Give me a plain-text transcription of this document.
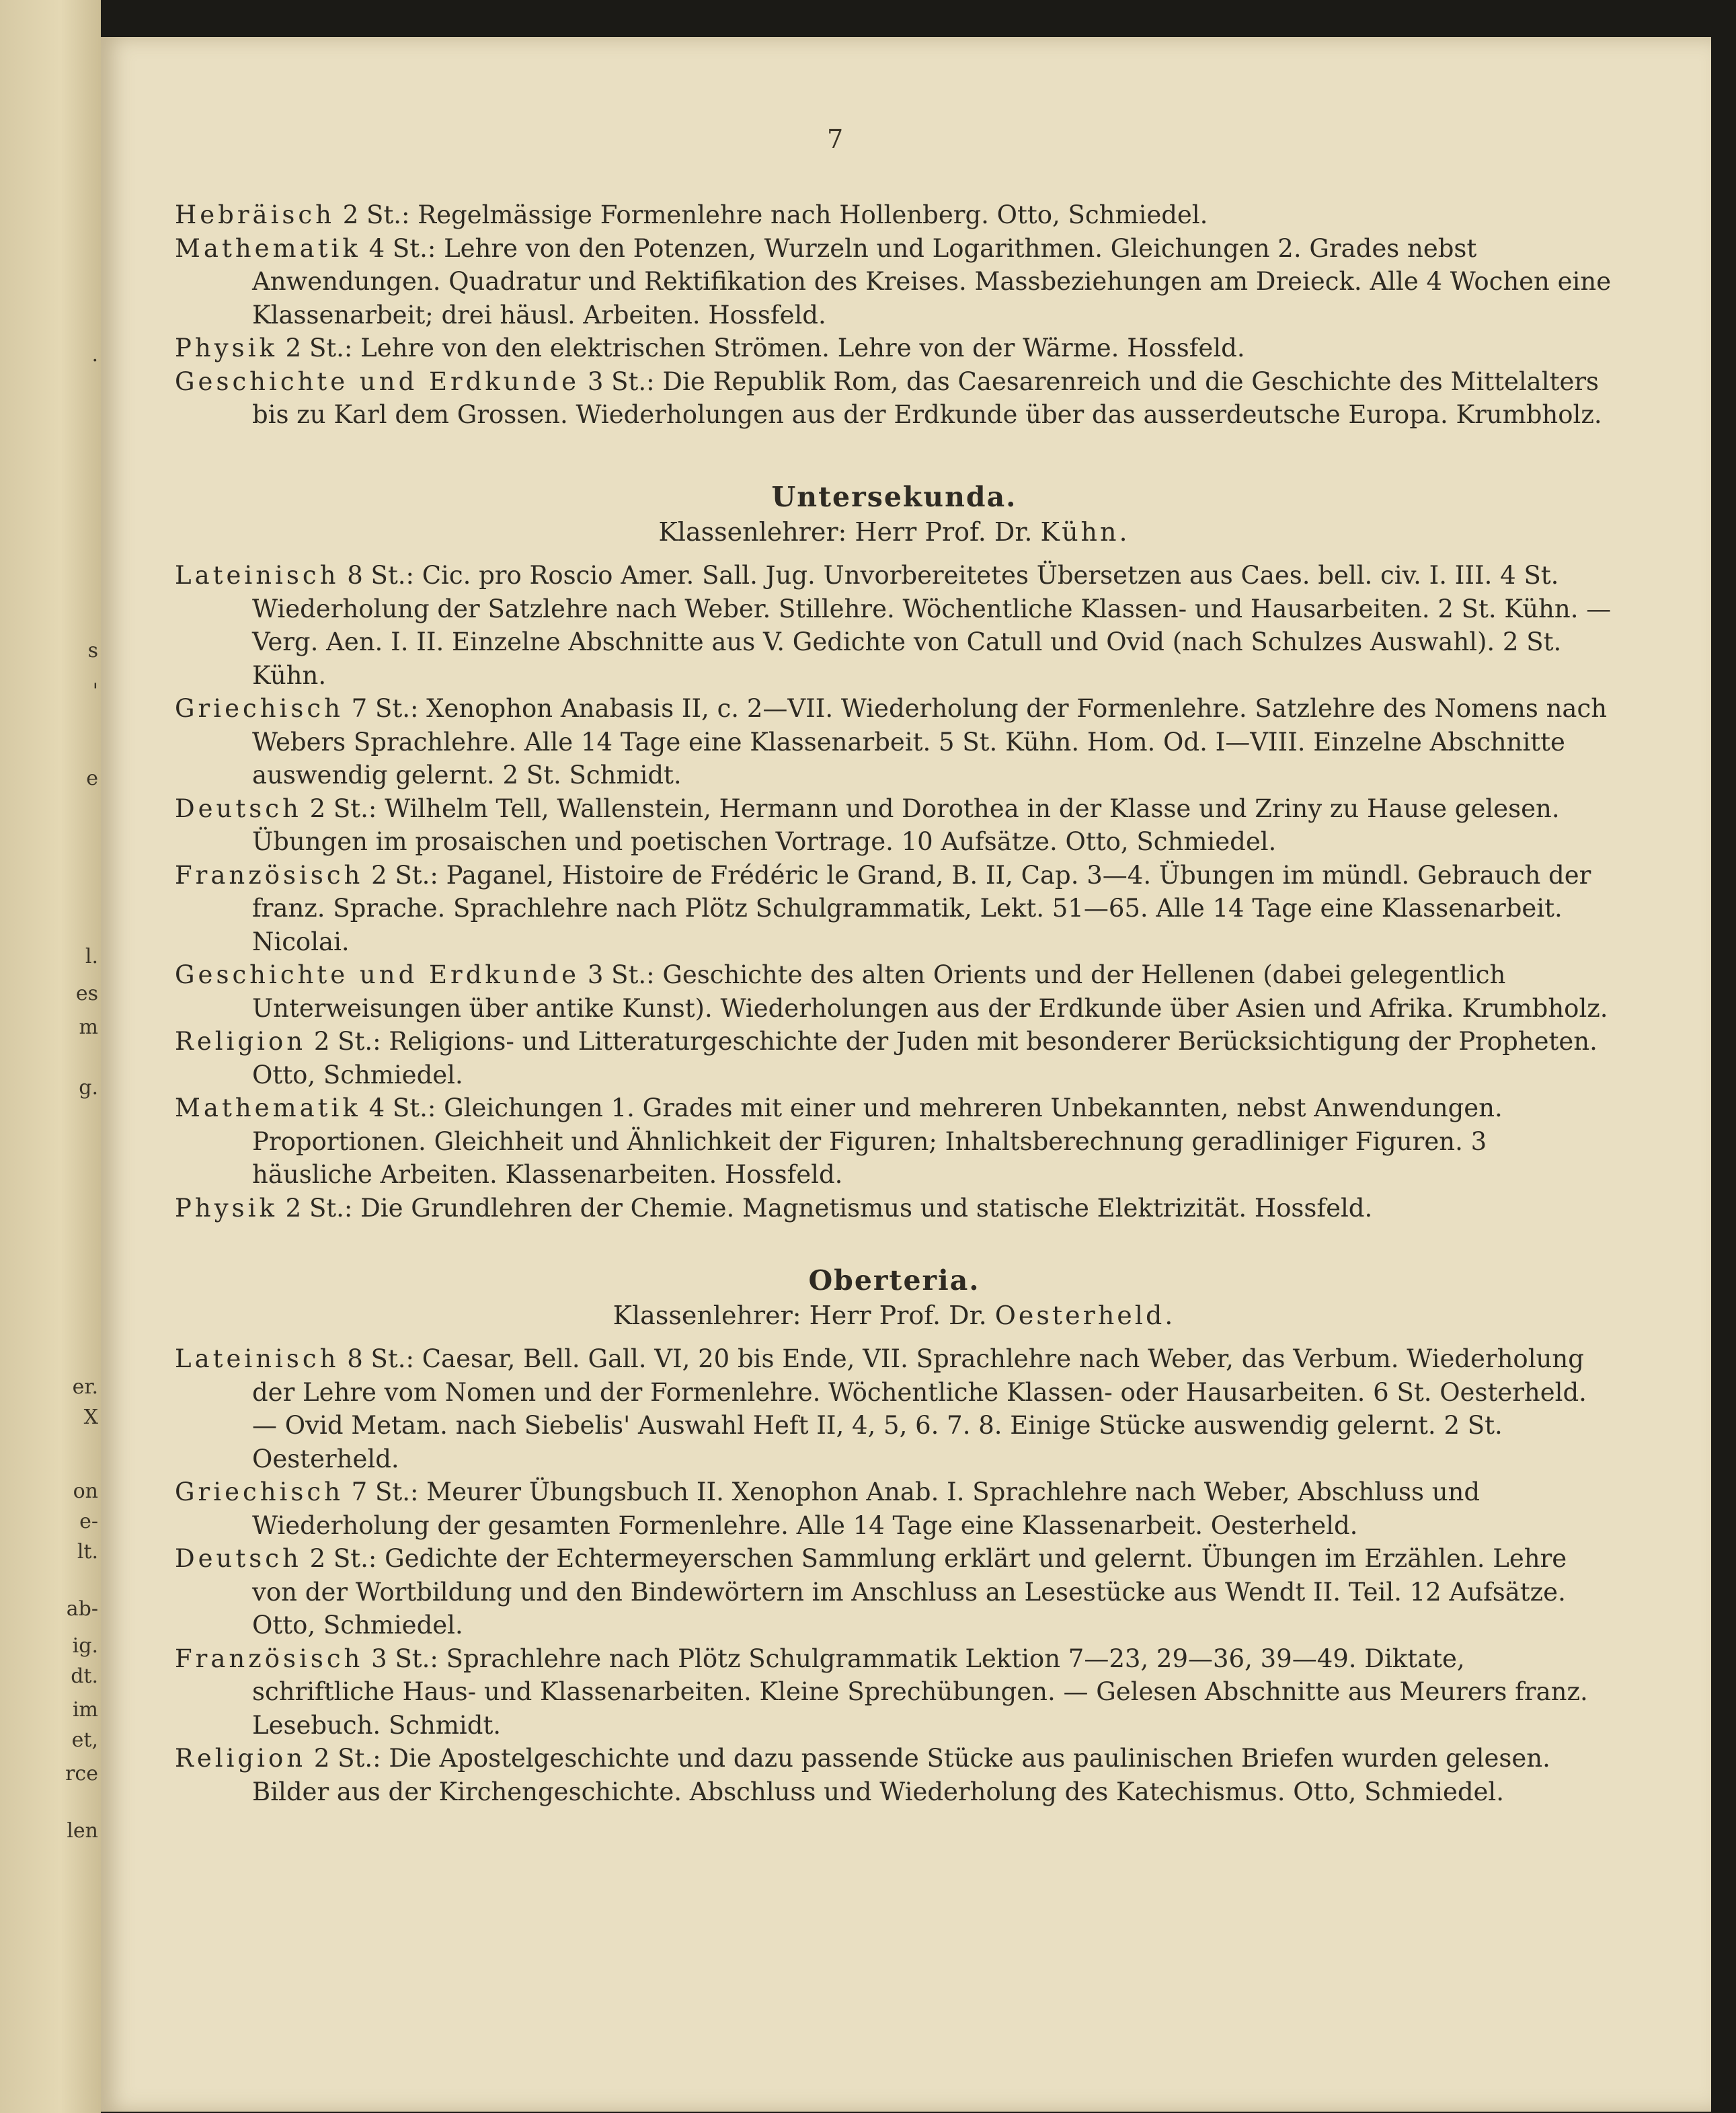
.
s
'
e
l.
es
m
g.
er.
X
on
e-
lt.
ab-
ig.
dt.
im
et,
rce
len
7

Hebräisch 2 St.: Regelmässige Formenlehre nach Hollenberg. Otto, Schmiedel.

Mathematik 4 St.: Lehre von den Potenzen, Wurzeln und Logarithmen. Gleichungen 2. Grades nebst Anwendungen. Quadratur und Rektifikation des Kreises. Massbeziehungen am Dreieck. Alle 4 Wochen eine Klassenarbeit; drei häusl. Arbeiten. Hossfeld.

Physik 2 St.: Lehre von den elektrischen Strömen. Lehre von der Wärme. Hossfeld.

Geschichte und Erdkunde 3 St.: Die Republik Rom, das Caesarenreich und die Geschichte des Mittelalters bis zu Karl dem Grossen. Wiederholungen aus der Erdkunde über das ausserdeutsche Europa. Krumbholz.

Untersekunda.

Klassenlehrer: Herr Prof. Dr. Kühn.

Lateinisch 8 St.: Cic. pro Roscio Amer. Sall. Jug. Unvorbereitetes Übersetzen aus Caes. bell. civ. I. III. 4 St. Wiederholung der Satzlehre nach Weber. Stillehre. Wöchentliche Klassen- und Hausarbeiten. 2 St. Kühn. — Verg. Aen. I. II. Einzelne Abschnitte aus V. Gedichte von Catull und Ovid (nach Schulzes Auswahl). 2 St. Kühn.

Griechisch 7 St.: Xenophon Anabasis II, c. 2—VII. Wiederholung der Formenlehre. Satzlehre des Nomens nach Webers Sprachlehre. Alle 14 Tage eine Klassenarbeit. 5 St. Kühn. Hom. Od. I—VIII. Einzelne Abschnitte auswendig gelernt. 2 St. Schmidt.

Deutsch 2 St.: Wilhelm Tell, Wallenstein, Hermann und Dorothea in der Klasse und Zriny zu Hause gelesen. Übungen im prosaischen und poetischen Vortrage. 10 Aufsätze. Otto, Schmiedel.

Französisch 2 St.: Paganel, Histoire de Frédéric le Grand, B. II, Cap. 3—4. Übungen im mündl. Gebrauch der franz. Sprache. Sprachlehre nach Plötz Schulgrammatik, Lekt. 51—65. Alle 14 Tage eine Klassenarbeit. Nicolai.

Geschichte und Erdkunde 3 St.: Geschichte des alten Orients und der Hellenen (dabei gelegentlich Unterweisungen über antike Kunst). Wiederholungen aus der Erdkunde über Asien und Afrika. Krumbholz.

Religion 2 St.: Religions- und Litteraturgeschichte der Juden mit besonderer Berücksichtigung der Propheten. Otto, Schmiedel.

Mathematik 4 St.: Gleichungen 1. Grades mit einer und mehreren Unbekannten, nebst Anwendungen. Proportionen. Gleichheit und Ähnlichkeit der Figuren; Inhaltsberechnung geradliniger Figuren. 3 häusliche Arbeiten. Klassenarbeiten. Hossfeld.

Physik 2 St.: Die Grundlehren der Chemie. Magnetismus und statische Elektrizität. Hossfeld.

Oberteria.

Klassenlehrer: Herr Prof. Dr. Oesterheld.

Lateinisch 8 St.: Caesar, Bell. Gall. VI, 20 bis Ende, VII. Sprachlehre nach Weber, das Verbum. Wiederholung der Lehre vom Nomen und der Formenlehre. Wöchentliche Klassen- oder Hausarbeiten. 6 St. Oesterheld. — Ovid Metam. nach Siebelis' Auswahl Heft II, 4, 5, 6. 7. 8. Einige Stücke auswendig gelernt. 2 St. Oesterheld.

Griechisch 7 St.: Meurer Übungsbuch II. Xenophon Anab. I. Sprachlehre nach Weber, Abschluss und Wiederholung der gesamten Formenlehre. Alle 14 Tage eine Klassenarbeit. Oesterheld.

Deutsch 2 St.: Gedichte der Echtermeyerschen Sammlung erklärt und gelernt. Übungen im Erzählen. Lehre von der Wortbildung und den Bindewörtern im Anschluss an Lesestücke aus Wendt II. Teil. 12 Aufsätze. Otto, Schmiedel.

Französisch 3 St.: Sprachlehre nach Plötz Schulgrammatik Lektion 7—23, 29—36, 39—49. Diktate, schriftliche Haus- und Klassenarbeiten. Kleine Sprechübungen. — Gelesen Abschnitte aus Meurers franz. Lesebuch. Schmidt.

Religion 2 St.: Die Apostelgeschichte und dazu passende Stücke aus paulinischen Briefen wurden gelesen. Bilder aus der Kirchengeschichte. Abschluss und Wiederholung des Katechismus. Otto, Schmiedel.
